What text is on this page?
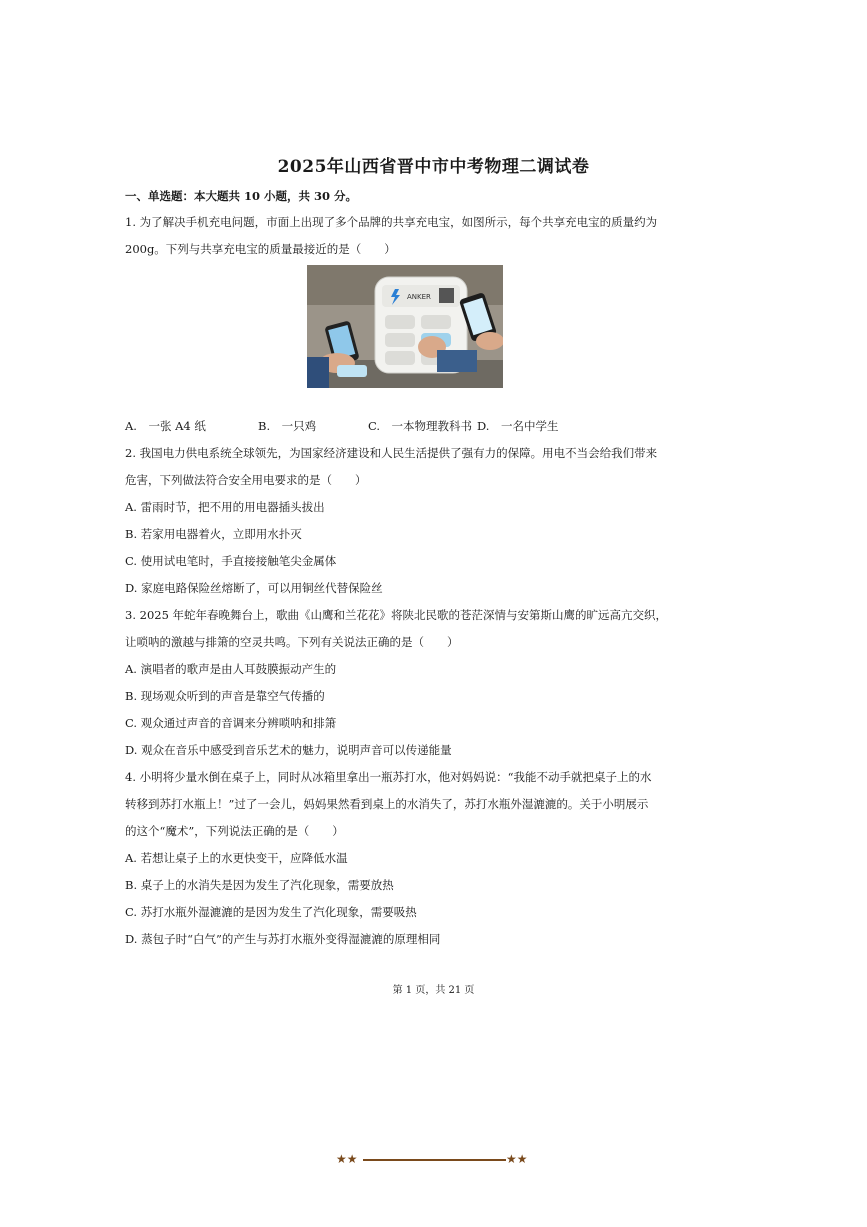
2025年山西省晋中市中考物理二调试卷
一、单选题：本大题共 10 小题，共 30 分。
1. 为了解决手机充电问题，市面上出现了多个品牌的共享充电宝，如图所示，每个共享充电宝的质量约为
200g。下列与共享充电宝的质量最接近的是（　　）
ANKER
A.　一张 A4 纸	B.　一只鸡	C.　一本物理教科书 D.　一名中学生
2. 我国电力供电系统全球领先，为国家经济建设和人民生活提供了强有力的保障。用电不当会给我们带来
危害，下列做法符合安全用电要求的是（　　）
A. 雷雨时节，把不用的用电器插头拔出
B. 若家用电器着火，立即用水扑灭
C. 使用试电笔时，手直接接触笔尖金属体
D. 家庭电路保险丝熔断了，可以用铜丝代替保险丝
3. 2025 年蛇年春晚舞台上，歌曲《山鹰和兰花花》将陕北民歌的苍茫深情与安第斯山鹰的旷远高亢交织，
让唢呐的激越与排箫的空灵共鸣。下列有关说法正确的是（　　）
A. 演唱者的歌声是由人耳鼓膜振动产生的
B. 现场观众听到的声音是靠空气传播的
C. 观众通过声音的音调来分辨唢呐和排箫
D. 观众在音乐中感受到音乐艺术的魅力，说明声音可以传递能量
4. 小明将少量水倒在桌子上，同时从冰箱里拿出一瓶苏打水，他对妈妈说：“我能不动手就把桌子上的水
转移到苏打水瓶上！”过了一会儿，妈妈果然看到桌上的水消失了，苏打水瓶外湿漉漉的。关于小明展示
的这个“魔术”，下列说法正确的是（　　）
A. 若想让桌子上的水更快变干，应降低水温
B. 桌子上的水消失是因为发生了汽化现象，需要放热
C. 苏打水瓶外湿漉漉的是因为发生了汽化现象，需要吸热
D. 蒸包子时“白气”的产生与苏打水瓶外变得湿漉漉的原理相同
第 1 页，共 21 页
★★	★★
